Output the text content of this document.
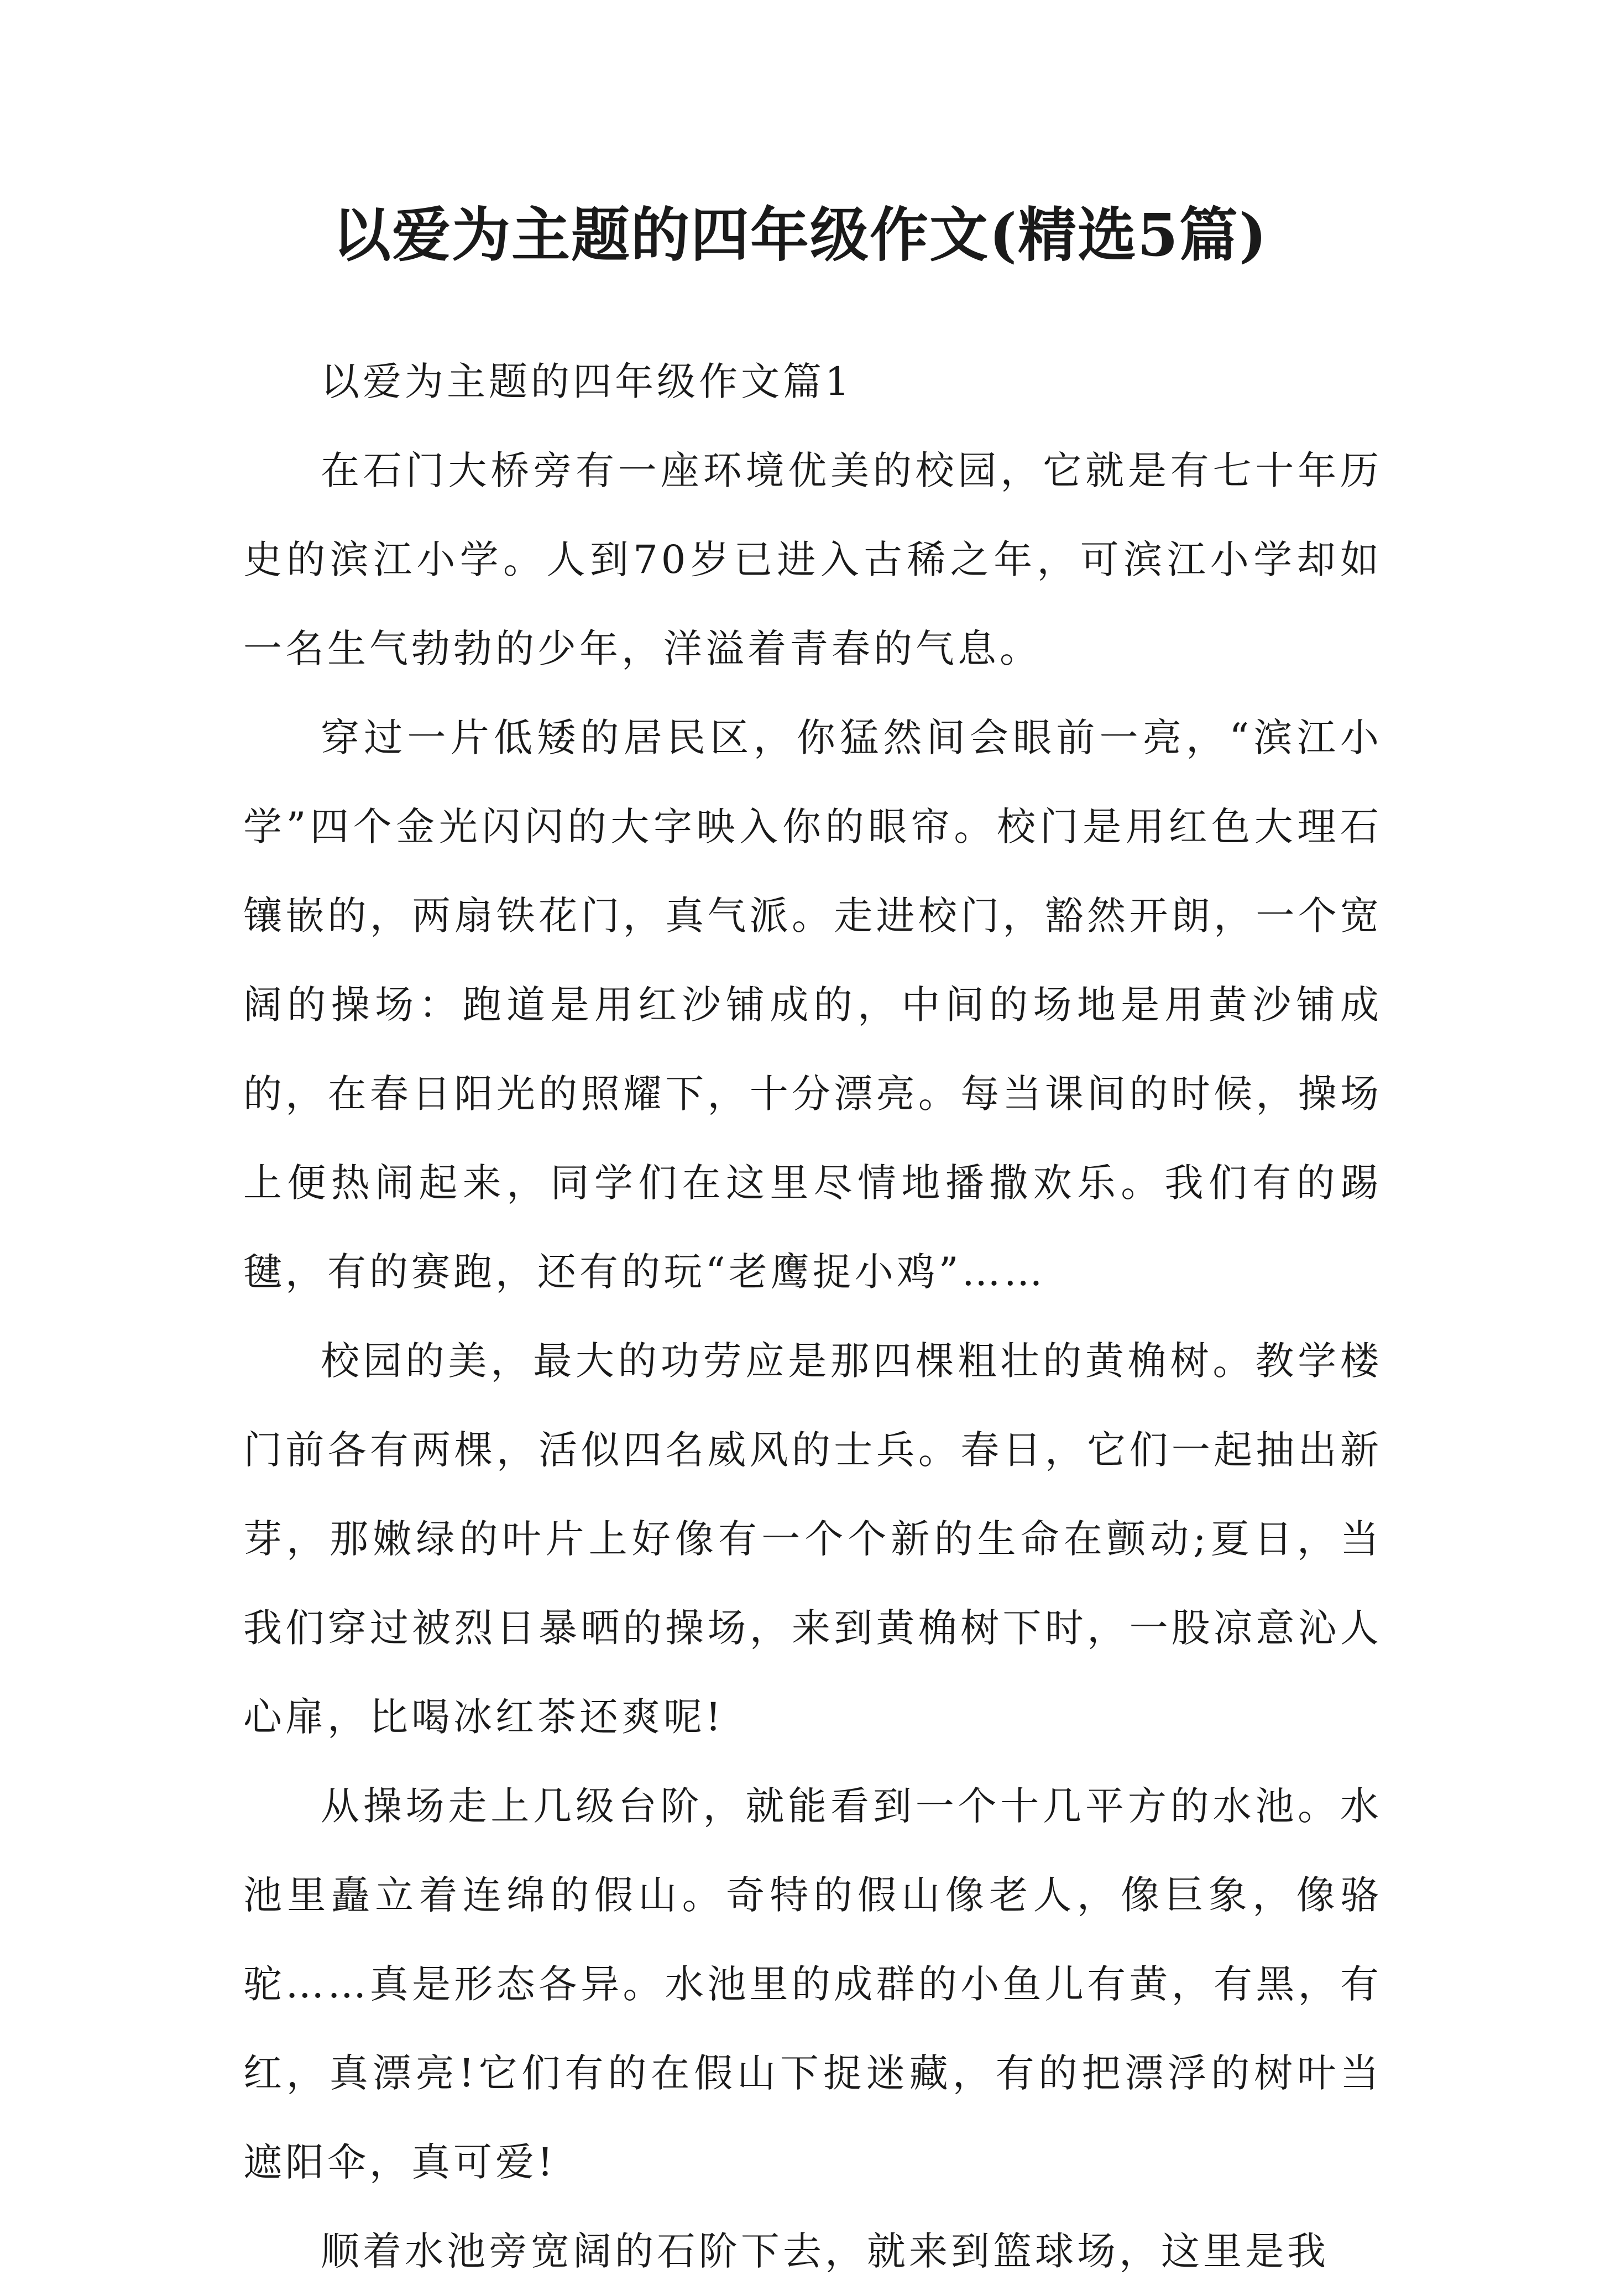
以爱为主题的四年级作文(精选5篇)

以爱为主题的四年级作文篇1

在石门大桥旁有一座环境优美的校园，它就是有七十年历史的滨江小学。人到70岁已进入古稀之年，可滨江小学却如一名生气勃勃的少年，洋溢着青春的气息。

穿过一片低矮的居民区，你猛然间会眼前一亮，“滨江小学”四个金光闪闪的大字映入你的眼帘。校门是用红色大理石镶嵌的，两扇铁花门，真气派。走进校门，豁然开朗，一个宽阔的操场：跑道是用红沙铺成的，中间的场地是用黄沙铺成的，在春日阳光的照耀下，十分漂亮。每当课间的时候，操场上便热闹起来，同学们在这里尽情地播撒欢乐。我们有的踢毽，有的赛跑，还有的玩“老鹰捉小鸡”……

校园的美，最大的功劳应是那四棵粗壮的黄桷树。教学楼门前各有两棵，活似四名威风的士兵。春日，它们一起抽出新芽，那嫩绿的叶片上好像有一个个新的生命在颤动;夏日，当我们穿过被烈日暴晒的操场，来到黄桷树下时，一股凉意沁人心扉，比喝冰红茶还爽呢!

从操场走上几级台阶，就能看到一个十几平方的水池。水池里矗立着连绵的假山。奇特的假山像老人，像巨象，像骆驼……真是形态各异。水池里的成群的小鱼儿有黄，有黑，有红，真漂亮!它们有的在假山下捉迷藏，有的把漂浮的树叶当遮阳伞，真可爱!

顺着水池旁宽阔的石阶下去，就来到篮球场，这里是我
